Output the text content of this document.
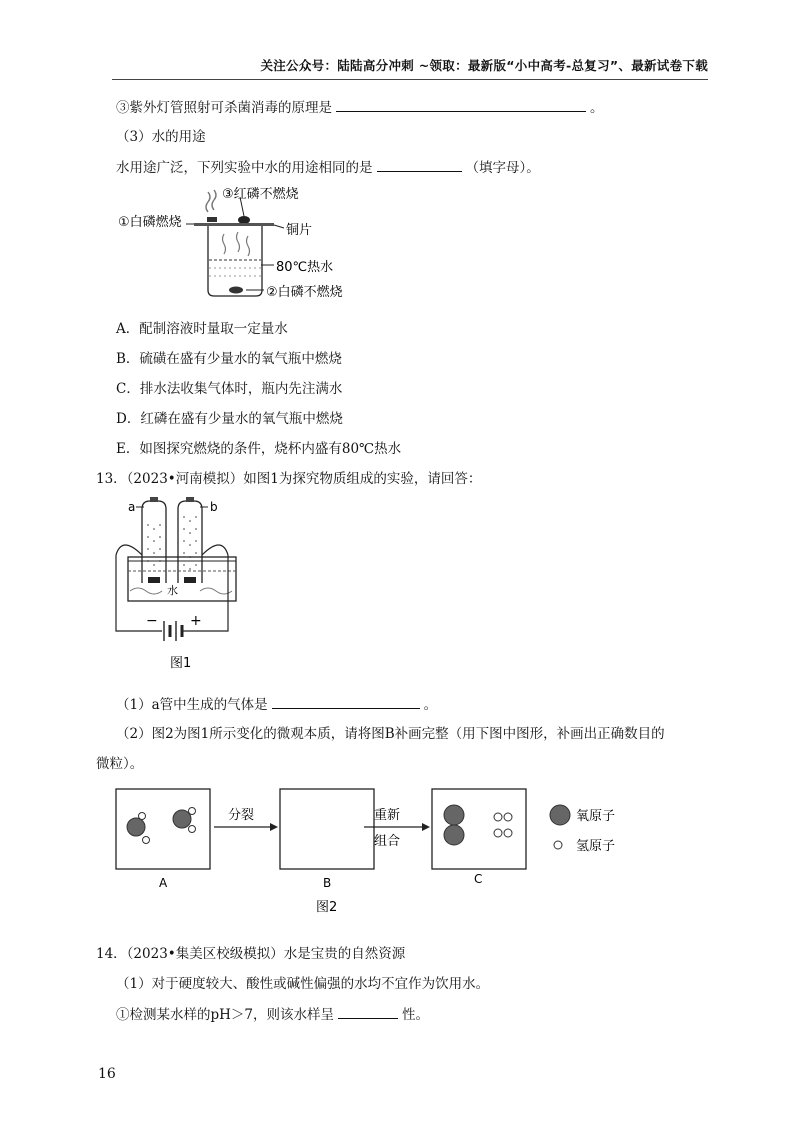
关注公众号：陆陆高分冲刺 ~领取：最新版“小中高考-总复习”、最新试卷下载
③紫外灯管照射可杀菌消毒的原理是	。
（3）水的用途
水用途广泛，下列实验中水的用途相同的是	（填字母）。
③红磷不燃烧
①白磷燃烧
铜片
80℃热水
②白磷不燃烧
A．配制溶液时量取一定量水
B．硫磺在盛有少量水的氧气瓶中燃烧
C．排水法收集气体时，瓶内先注满水
D．红磷在盛有少量水的氧气瓶中燃烧
E．如图探究燃烧的条件，烧杯内盛有80℃热水
13．（2023•河南模拟）如图1为探究物质组成的实验，请回答：
a	b
水
− +
图1
（1）a管中生成的气体是	。
（2）图2为图1所示变化的微观本质，请将图B补画完整（用下图中图形，补画出正确数目的
微粒）。
A
分裂
B
重新
组合
C
氧原子
氢原子
图2
14．（2023•集美区校级模拟）水是宝贵的自然资源
（1）对于硬度较大、酸性或碱性偏强的水均不宜作为饮用水。
①检测某水样的pH＞7，则该水样呈	性。
16
